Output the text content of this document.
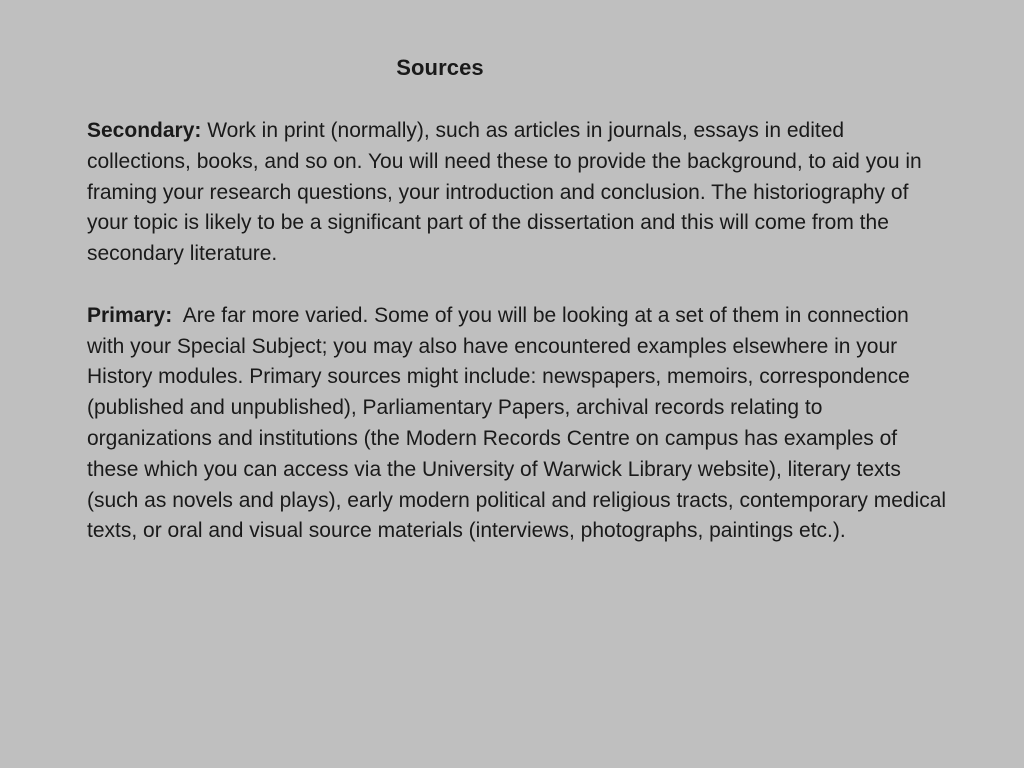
Sources

Secondary: Work in print (normally), such as articles in journals, essays in edited collections, books, and so on. You will need these to provide the background, to aid you in framing your research questions, your introduction and conclusion. The historiography of your topic is likely to be a significant part of the dissertation and this will come from the secondary literature.

Primary: Are far more varied. Some of you will be looking at a set of them in connection with your Special Subject; you may also have encountered examples elsewhere in your History modules. Primary sources might include: newspapers, memoirs, correspondence (published and unpublished), Parliamentary Papers, archival records relating to organizations and institutions (the Modern Records Centre on campus has examples of these which you can access via the University of Warwick Library website), literary texts (such as novels and plays), early modern political and religious tracts, contemporary medical texts, or oral and visual source materials (interviews, photographs, paintings etc.).
